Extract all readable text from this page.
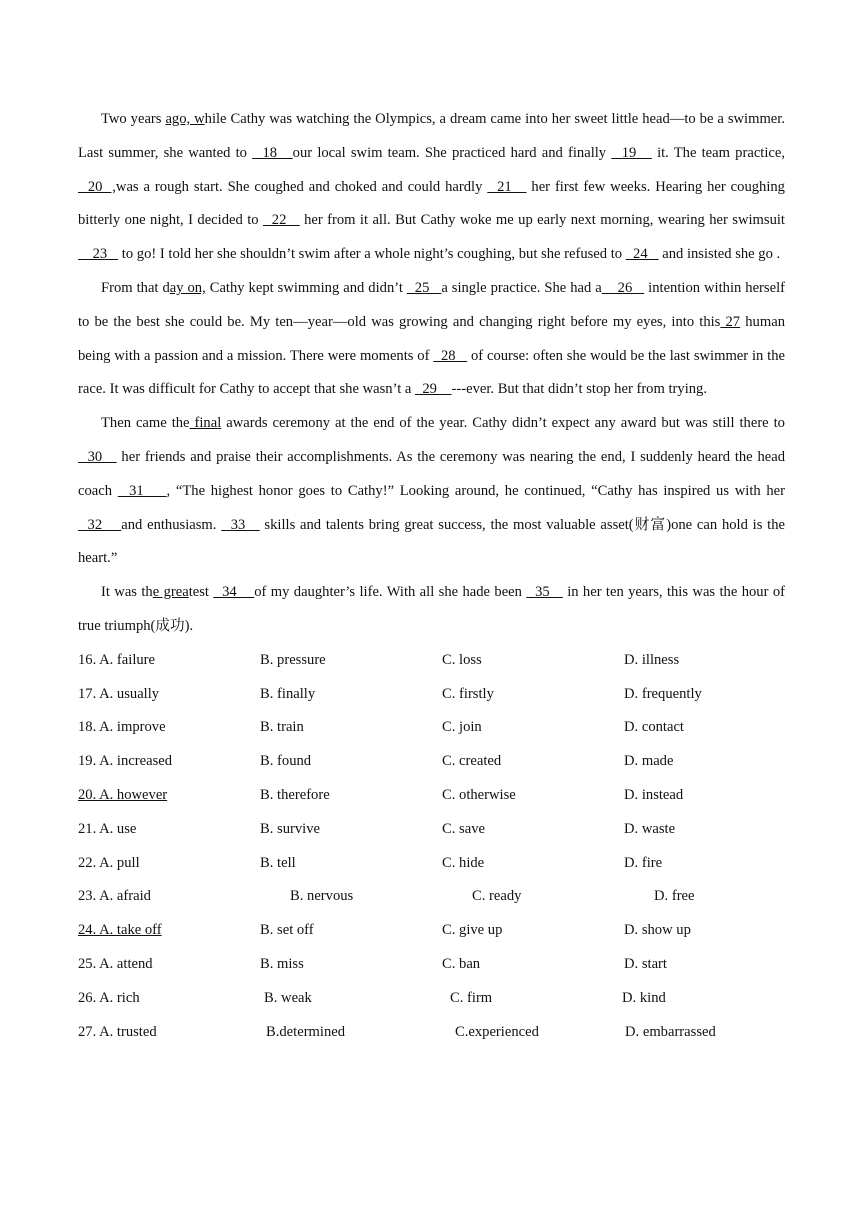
Two years ago, while Cathy was watching the Olympics, a dream came into her sweet little head—to be a swimmer. Last summer, she wanted to   18   our local swim team. She practiced hard and finally   19    it. The team practice,   20  ,was a rough start. She coughed and choked and could hardly   21    her first few weeks. Hearing her coughing bitterly one night, I decided to   22    her from it all. But Cathy woke me up early next morning, wearing her swimsuit    23    to go! I told her she shouldn’t swim after a whole night’s coughing, but she refused to   24    and insisted she go .

From that day on, Cathy kept swimming and didn’t   25   a single practice. She had a    26    intention within herself to be the best she could be. My ten—year—old was growing and changing right before my eyes, into this 27 human being with a passion and a mission. There were moments of   28    of course: often she would be the last swimmer in the race. It was difficult for Cathy to accept that she wasn’t a   29    ---ever. But that didn’t stop her from trying.

Then came the final awards ceremony at the end of the year. Cathy didn’t expect any award but was still there to   30    her friends and praise their accomplishments. As the ceremony was nearing the end, I suddenly heard the head coach   31    , “The highest honor goes to Cathy!” Looking around, he continued, “Cathy has inspired us with her   32    and enthusiasm.   33    skills and talents bring great success, the most valuable asset(财富)one can hold is the heart.”

It was the greatest   34    of my daughter’s life. With all she hade been   35    in her ten years, this was the hour of true triumph(成功).

16. A. failure	B. pressure	C. loss	D. illness
17. A. usually	B. finally	C. firstly	D. frequently
18. A. improve	B. train	C. join	D. contact
19. A. increased	B. found	C. created	D. made
20. A. however	B. therefore	C. otherwise	D. instead
21. A. use	B. survive	C. save	D. waste
22. A. pull	B. tell	C. hide	D. fire
23. A. afraid	B. nervous	C. ready	D. free
24. A. take off	B. set off	C. give up	D. show up
25. A. attend	B. miss	C. ban	D. start
26. A. rich	B. weak	C. firm	D. kind
27. A. trusted	B.determined	C.experienced	D. embarrassed
